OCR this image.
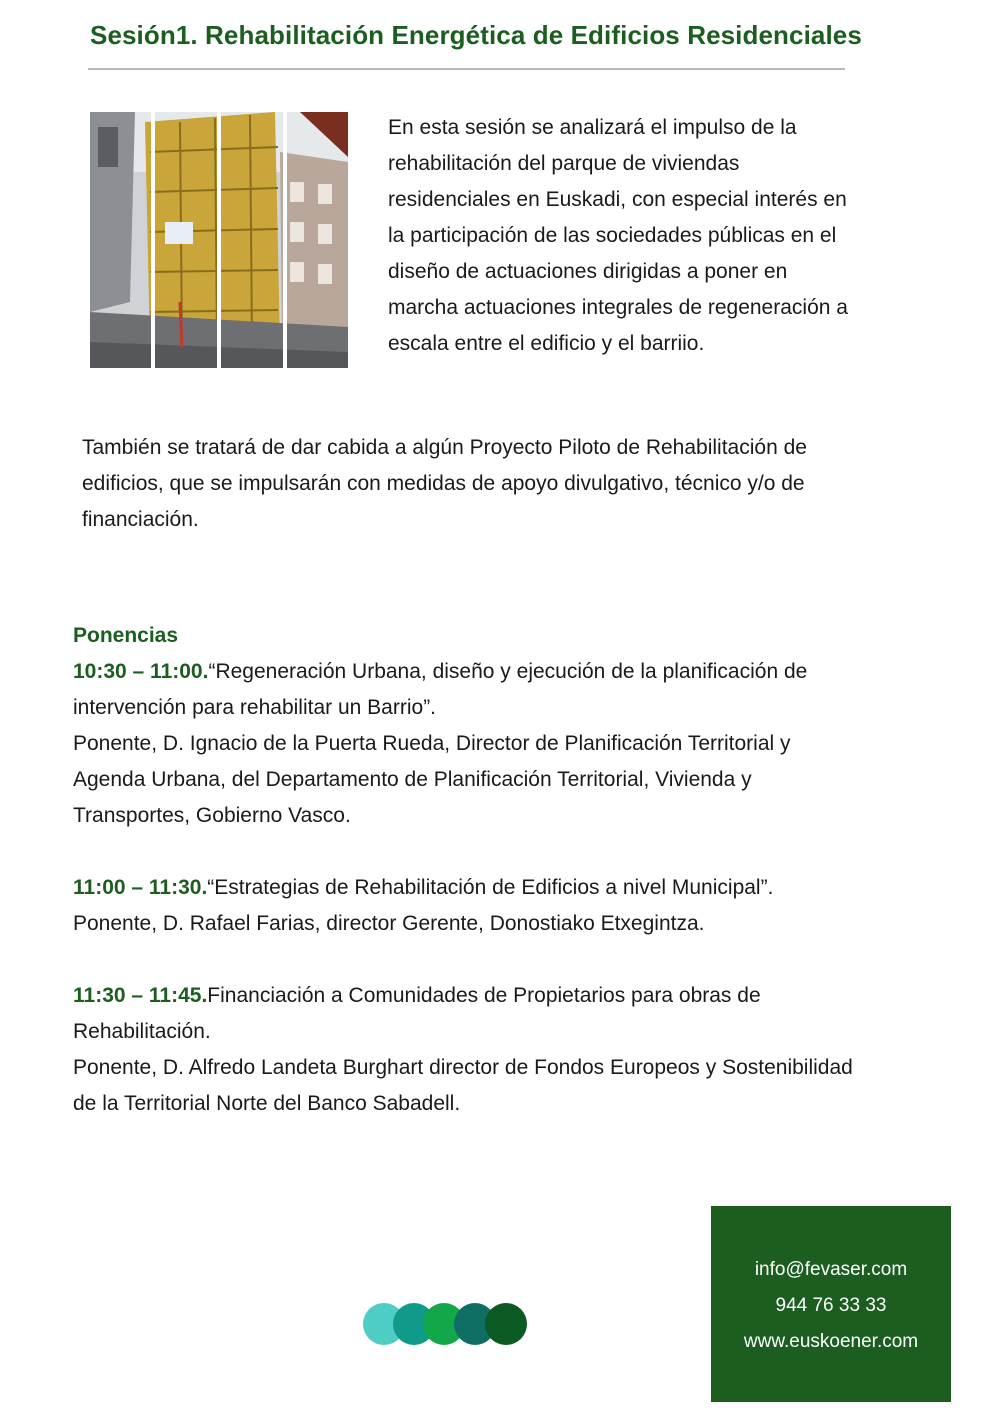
Sesión1. Rehabilitación Energética de Edificios Residenciales
En esta sesión se analizará el impulso de la rehabilitación del parque de viviendas residenciales en Euskadi, con especial interés en la participación de las sociedades públicas en el diseño de actuaciones dirigidas a poner en marcha actuaciones integrales de regeneración a escala entre el edificio y el barriio.
También se tratará de dar cabida a algún Proyecto Piloto de Rehabilitación de edificios, que se impulsarán con medidas de apoyo divulgativo, técnico y/o de financiación.
Ponencias
10:30 – 11:00.“Regeneración Urbana, diseño y ejecución de la planificación de intervención para rehabilitar un Barrio”.
Ponente, D. Ignacio de la Puerta Rueda, Director de Planificación Territorial y Agenda Urbana, del Departamento de Planificación Territorial, Vivienda y Transportes, Gobierno Vasco.
11:00 – 11:30.“Estrategias de Rehabilitación de Edificios a nivel Municipal”. Ponente, D. Rafael Farias, director Gerente, Donostiako Etxegintza.
11:30 – 11:45.Financiación a Comunidades de Propietarios para obras de Rehabilitación.
Ponente, D. Alfredo Landeta Burghart director de Fondos Europeos y Sostenibilidad de la Territorial Norte del Banco Sabadell.
info@fevaser.com
944 76 33 33
www.euskoener.com
